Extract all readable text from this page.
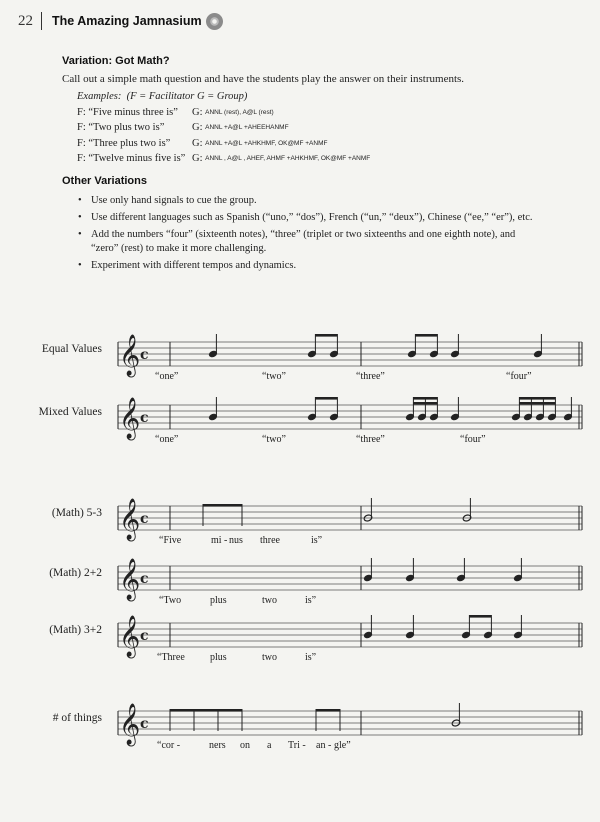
22 The Amazing Jamnasium

Variation: Got Math?

Call out a simple math question and have the students play the answer on their instruments.

Examples:
(F = Facilitator G = Group)
F: “Five minus three is”	G:
ANNL (rest), A@L (rest)
F: “Two plus two is”	G:
ANNL +A@L +AHEEHANMF
F: “Three plus two is”	G:
ANNL +A@L +AHKHMF, OK@MF +ANMF
F: “Twelve minus five is” G:
ANNL , A@L , AHEF, AHMF +AHKHMF, OK@MF +ANMF

Other Variations

• Use only hand signals to cue the group.
• Use different languages such as Spanish (“uno,” “dos”), French (“un,” “deux”), Chinese (“ee,” “er”), etc.
• Add the numbers “four” (sixteenth notes), “three” (triplet or two sixteenths and one eighth note), and “zero” (rest) to make it more challenging.
• Experiment with different tempos and dynamics.
Equal Values
Mixed Values
(Math) 5-3
(Math) 2+2
(Math) 3+2
# of things
𝄞 c
“one”	“two”	“three”	“four”
𝄞 c
“one”	“two”	“three”	“four”
𝄞 c
“Five	mi - nus three	is”
𝄞 c
“Two	plus	two	is”
𝄞 c
“Three	plus	two	is”
𝄞 c
“cor -	ners on a Tri - an - gle”
